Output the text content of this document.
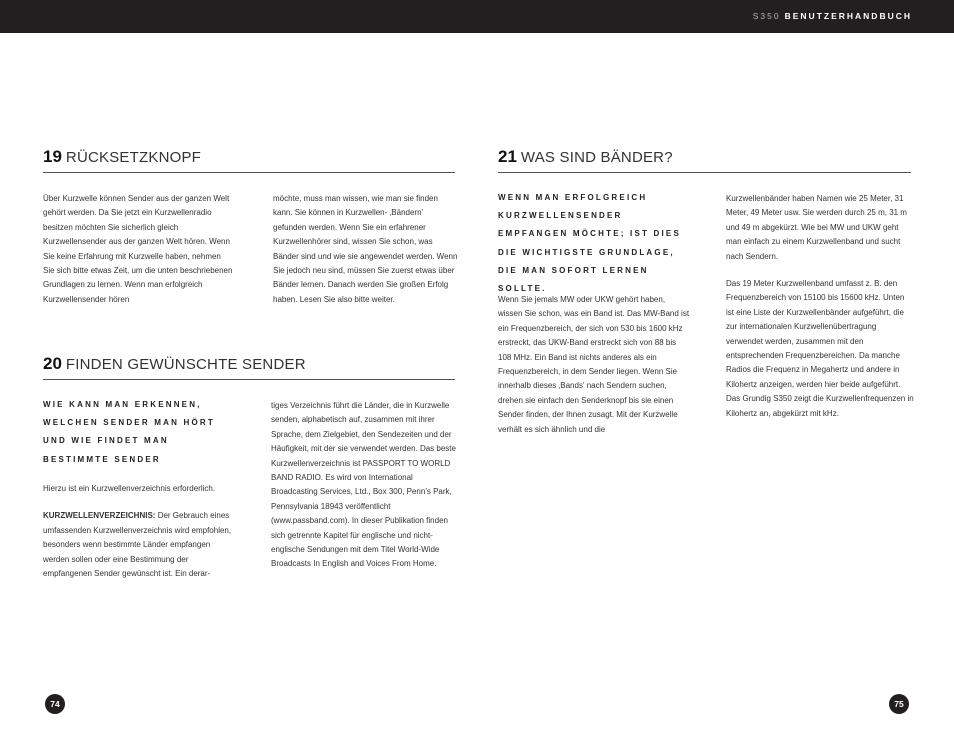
S350 BENUTZERHANDBUCH
19 RÜCKSETZKNOPF
Über Kurzwelle können Sender aus der ganzen Welt gehört werden. Da Sie jetzt ein Kurzwellenradio besitzen möchten Sie sicherlich gleich Kurzwellensender aus der ganzen Welt hören. Wenn Sie keine Erfahrung mit Kurzwelle haben, nehmen Sie sich bitte etwas Zeit, um die unten beschriebenen Grundlagen zu lernen. Wenn man erfolgreich Kurzwellensender hören
möchte, muss man wissen, wie man sie finden kann. Sie können in Kurzwellen- ‚Bändern' gefunden werden. Wenn Sie ein erfahrener Kurzwellenhörer sind, wissen Sie schon, was Bänder sind und wie sie angewendet werden. Wenn Sie jedoch neu sind, müssen Sie zuerst etwas über Bänder lernen. Danach werden Sie großen Erfolg haben. Lesen Sie also bitte weiter.
20 FINDEN GEWÜNSCHTE SENDER
WIE KANN MAN ERKENNEN, WELCHEN SENDER MAN HÖRT UND WIE FINDET MAN BESTIMMTE SENDER

Hierzu ist ein Kurzwellenverzeichnis erforderlich.

KURZWELLENVERZEICHNIS: Der Gebrauch eines umfassenden Kurzwellenverzeichnis wird empfohlen, besonders wenn bestimmte Länder empfangen werden sollen oder eine Bestimmung der empfangenen Sender gewünscht ist. Ein derar-

tiges Verzeichnis führt die Länder, die in Kurzwelle senden, alphabetisch auf, zusammen mit ihrer Sprache, dem Zielgebiet, den Sendezeiten und der Häufigkeit, mit der sie verwendet werden. Das beste Kurzwellenverzeichnis ist PASSPORT TO WORLD BAND RADIO. Es wird von International Broadcasting Services, Ltd., Box 300, Penn's Park, Pennsylvania 18943 veröffentlicht (www.passband.com). In dieser Publikation finden sich getrennte Kapitel für englische und nicht-englische Sendungen mit dem Titel World-Wide Broadcasts In English and Voices From Home.
21 WAS SIND BÄNDER?
WENN MAN ERFOLGREICH KURZWELLENSENDER EMPFANGEN MÖCHTE; IST DIES DIE WICHTIGSTE GRUNDLAGE, DIE MAN SOFORT LERNEN SOLLTE.
Wenn Sie jemals MW oder UKW gehört haben, wissen Sie schon, was ein Band ist. Das MW-Band ist ein Frequenzbereich, der sich von 530 bis 1600 kHz erstreckt, das UKW-Band erstreckt sich von 88 bis 108 MHz. Ein Band ist nichts anderes als ein Frequenzbereich, in dem Sender liegen. Wenn Sie innerhalb dieses ‚Bands' nach Sendern suchen, drehen sie einfach den Senderknopf bis sie einen Sender finden, der Ihnen zusagt. Mit der Kurzwelle verhält es sich ähnlich und die

Kurzwellenbänder haben Namen wie 25 Meter, 31 Meter, 49 Meter usw. Sie werden durch 25 m, 31 m und 49 m abgekürzt. Wie bei MW und UKW geht man einfach zu einem Kurzwellenband und sucht nach Sendern.

Das 19 Meter Kurzwellenband umfasst z. B. den Frequenzbereich von 15100 bis 15600 kHz. Unten ist eine Liste der Kurzwellenbänder aufgeführt, die zur internationalen Kurzwellenübertragung verwendet werden, zusammen mit den entsprechenden Frequenzbereichen. Da manche Radios die Frequenz in Megahertz und andere in Kilohertz anzeigen, werden hier beide aufgeführt. Das Grundig S350 zeigt die Kurzwellenfrequenzen in Kilohertz an, abgekürzt mit kHz.

74	75
